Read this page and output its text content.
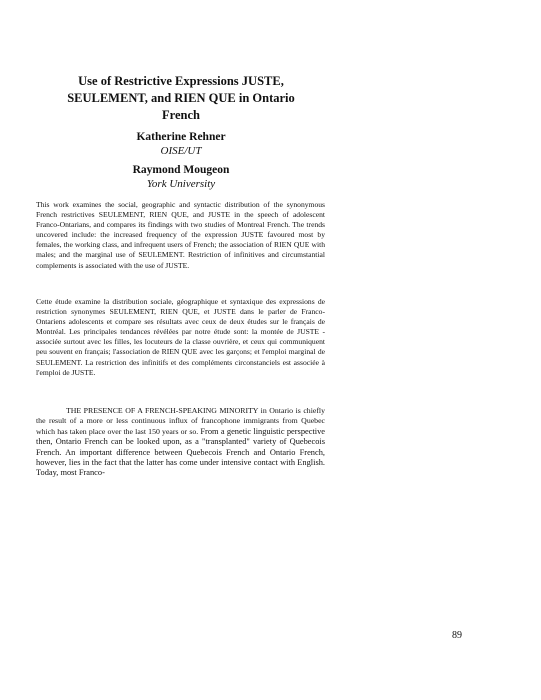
Use of Restrictive Expressions JUSTE, SEULEMENT, and RIEN QUE in Ontario French
Katherine Rehner
OISE/UT
Raymond Mougeon
York University

This work examines the social, geographic and syntactic distribution of the synonymous French restrictives SEULEMENT, RIEN QUE, and JUSTE in the speech of adolescent Franco-Ontarians, and compares its findings with two studies of Montreal French. The trends uncovered include: the increased frequency of the expression JUSTE favoured most by females, the working class, and infrequent users of French; the association of RIEN QUE with males; and the marginal use of SEULEMENT. Restriction of infinitives and circumstantial complements is associated with the use of JUSTE.

Cette étude examine la distribution sociale, géographique et syntaxique des expressions de restriction synonymes SEULEMENT, RIEN QUE, et JUSTE dans le parler de Franco-Ontariens adolescents et compare ses résultats avec ceux de deux études sur le français de Montréal. Les principales tendances révélées par notre étude sont: la montée de JUSTE - associée surtout avec les filles, les locuteurs de la classe ouvrière, et ceux qui communiquent peu souvent en français; l'association de RIEN QUE avec les garçons; et l'emploi marginal de SEULEMENT. La restriction des infinitifs et des compléments circonstanciels est associée à l'emploi de JUSTE.

THE PRESENCE OF A FRENCH-SPEAKING MINORITY in Ontario is chiefly the result of a more or less continuous influx of francophone immigrants from Quebec which has taken place over the last 150 years or so. From a genetic linguistic perspective then, Ontario French can be looked upon, as a "transplanted" variety of Quebecois French. An important difference between Quebecois French and Ontario French, however, lies in the fact that the latter has come under intensive contact with English. Today, most Franco-

89
